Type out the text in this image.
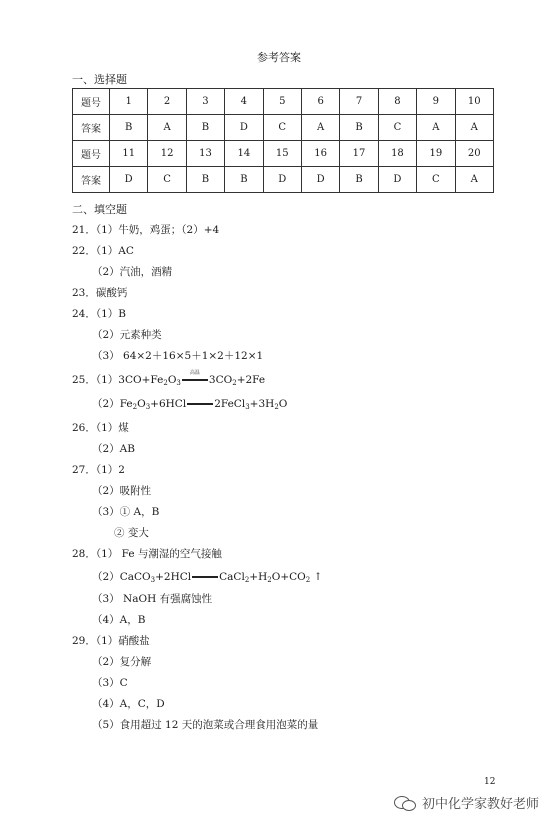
参考答案
一、选择题
题号	1	2	3	4	5	6	7	8	9	10
答案	B	A	B	D	C	A	B	C	A	A
题号	11	12	13	14	15	16	17	18	19	20
答案	D	C	B	B	D	D	B	D	C	A
二、填空题
21．（1）牛奶，鸡蛋；（2）+4
22．（1）AC
（2）汽油，酒精
23．碳酸钙
24．（1）B
（2）元素种类
（3） 64×2＋16×5＋1×2＋12×1
25．$(1)3CO+Fe_2O_3$
高温
$3CO_2+2Fe$
$(2)Fe_2O_3+6HCl$	$2FeCl_3+3H_2O$
26．（1）煤
（2）AB
27．（1）2
（2）吸附性
（3）① A，B
② 变大
28．（1） Fe 与潮湿的空气接触
（2）CaCO$_3$+2HCl	$CaCl_2+H_2O+CO_2$ ↑
（3） NaOH 有强腐蚀性
（4）A，B
29．（1）硝酸盐
（2）复分解
（3）C
（4）A，C，D
（5）食用超过 12 天的泡菜或合理食用泡菜的量
12
初中化学家教好老师
